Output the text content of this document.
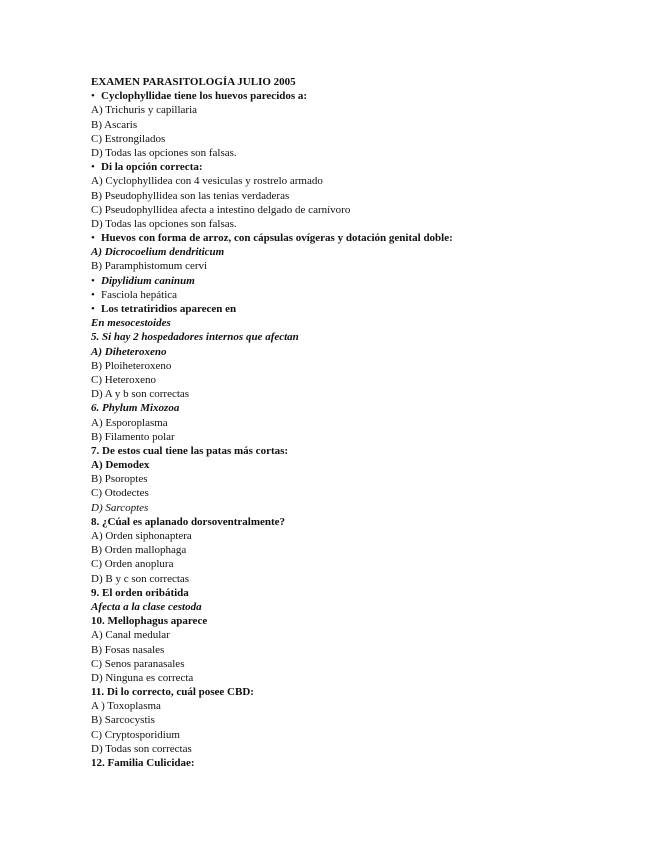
EXAMEN PARASITOLOGÍA JULIO 2005
• Cyclophyllidae tiene los huevos parecidos a:
A) Trichuris y capillaria
B) Ascaris
C) Estrongilados
D) Todas las opciones son falsas.
• Di la opción correcta:
A) Cyclophyllidea con 4 vesiculas y rostrelo armado
B) Pseudophyllidea son las tenias verdaderas
C) Pseudophyllidea afecta a intestino delgado de carnívoro
D) Todas las opciones son falsas.
• Huevos con forma de arroz, con cápsulas ovígeras y dotación genital doble:
A) Dicrocoelium dendriticum
B) Paramphistomum cervi
• Dipylidium caninum
• Fasciola hepática
• Los tetratiridios aparecen en
En mesocestoides
5. Si hay 2 hospedadores internos que afectan
A) Diheteroxeno
B) Ploiheteroxeno
C) Heteroxeno
D) A y b son correctas
6. Phylum Mixozoa
A) Esporoplasma
B) Filamento polar
7. De estos cual tiene las patas más cortas:
A) Demodex
B) Psoroptes
C) Otodectes
D) Sarcoptes
8. ¿Cúal es aplanado dorsoventralmente?
A) Orden siphonaptera
B) Orden mallophaga
C) Orden anoplura
D) B y c son correctas
9. El orden oribátida
Afecta a la clase cestoda
10. Mellophagus aparece
A) Canal medular
B) Fosas nasales
C) Senos paranasales
D) Ninguna es correcta
11. Di lo correcto, cuál posee CBD:
A ) Toxoplasma
B) Sarcocystis
C) Cryptosporidium
D) Todas son correctas
12. Familia Culicidae:
